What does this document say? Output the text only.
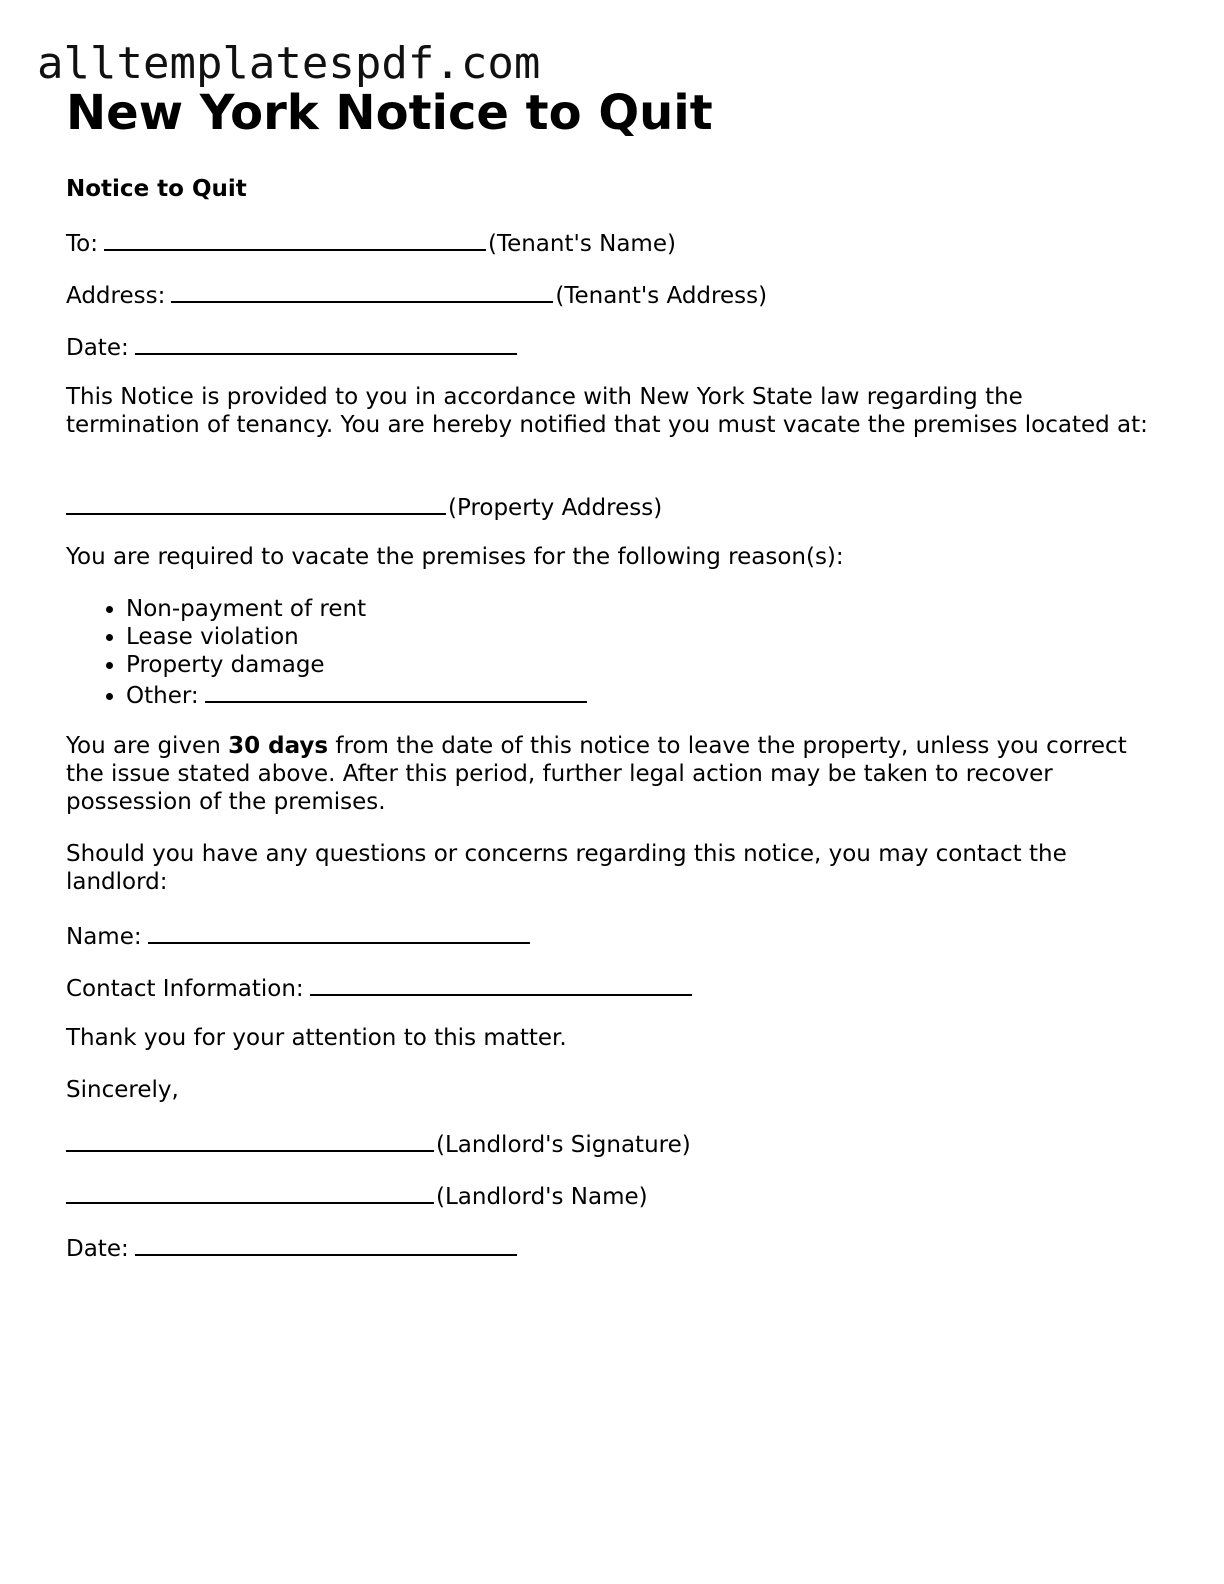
alltemplatespdf.com
New York Notice to Quit
Notice to Quit
To:	(Tenant's Name)
Address:	(Tenant's Address)
Date:

This Notice is provided to you in accordance with New York State law regarding the termination of tenancy. You are hereby notified that you must vacate the premises located at:

(Property Address)

You are required to vacate the premises for the following reason(s):

• Non-payment of rent
• Lease violation
• Property damage
• Other:

You are given 30 days from the date of this notice to leave the property, unless you correct the issue stated above. After this period, further legal action may be taken to recover possession of the premises.

Should you have any questions or concerns regarding this notice, you may contact the landlord:

Name:
Contact Information:

Thank you for your attention to this matter.

Sincerely,

(Landlord's Signature)
(Landlord's Name)
Date:
